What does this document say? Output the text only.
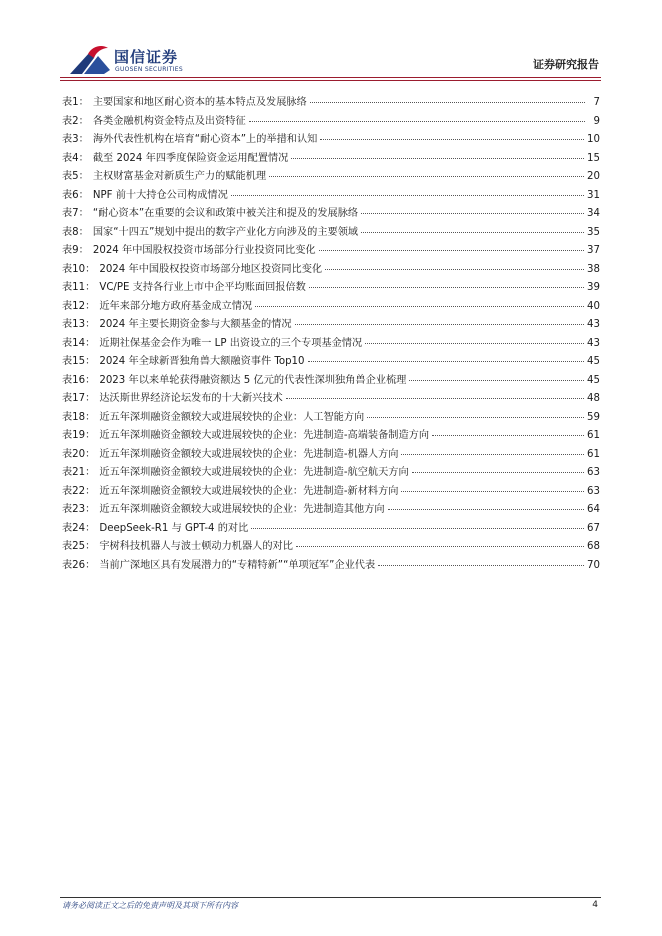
国信证券
GUOSEN SECURITIES	证券研究报告
表1： 主要国家和地区耐心资本的基本特点及发展脉络	7
表2： 各类金融机构资金特点及出资特征	9
表3： 海外代表性机构在培育“耐心资本”上的举措和认知	10
表4： 截至 2024 年四季度保险资金运用配置情况	15
表5： 主权财富基金对新质生产力的赋能机理	20
表6： NPF 前十大持仓公司构成情况	31
表7： “耐心资本”在重要的会议和政策中被关注和提及的发展脉络	34
表8： 国家“十四五”规划中提出的数字产业化方向涉及的主要领域	35
表9： 2024 年中国股权投资市场部分行业投资同比变化	37
表10： 2024 年中国股权投资市场部分地区投资同比变化	38
表11： VC/PE 支持各行业上市中企平均账面回报倍数	39
表12： 近年来部分地方政府基金成立情况	40
表13： 2024 年主要长期资金参与大额基金的情况	43
表14： 近期社保基金会作为唯一 LP 出资设立的三个专项基金情况	43
表15： 2024 年全球新晋独角兽大额融资事件 Top10	45
表16： 2023 年以来单轮获得融资额达 5 亿元的代表性深圳独角兽企业梳理	45
表17： 达沃斯世界经济论坛发布的十大新兴技术	48
表18： 近五年深圳融资金额较大或进展较快的企业：人工智能方向	59
表19： 近五年深圳融资金额较大或进展较快的企业：先进制造-高端装备制造方向	61
表20： 近五年深圳融资金额较大或进展较快的企业：先进制造-机器人方向	61
表21： 近五年深圳融资金额较大或进展较快的企业：先进制造-航空航天方向	63
表22： 近五年深圳融资金额较大或进展较快的企业：先进制造-新材料方向	63
表23： 近五年深圳融资金额较大或进展较快的企业：先进制造其他方向	64
表24： DeepSeek-R1 与 GPT-4 的对比	67
表25： 宇树科技机器人与波士顿动力机器人的对比	68
表26： 当前广深地区具有发展潜力的“专精特新”“单项冠军”企业代表	70
请务必阅读正文之后的免责声明及其项下所有内容	4
